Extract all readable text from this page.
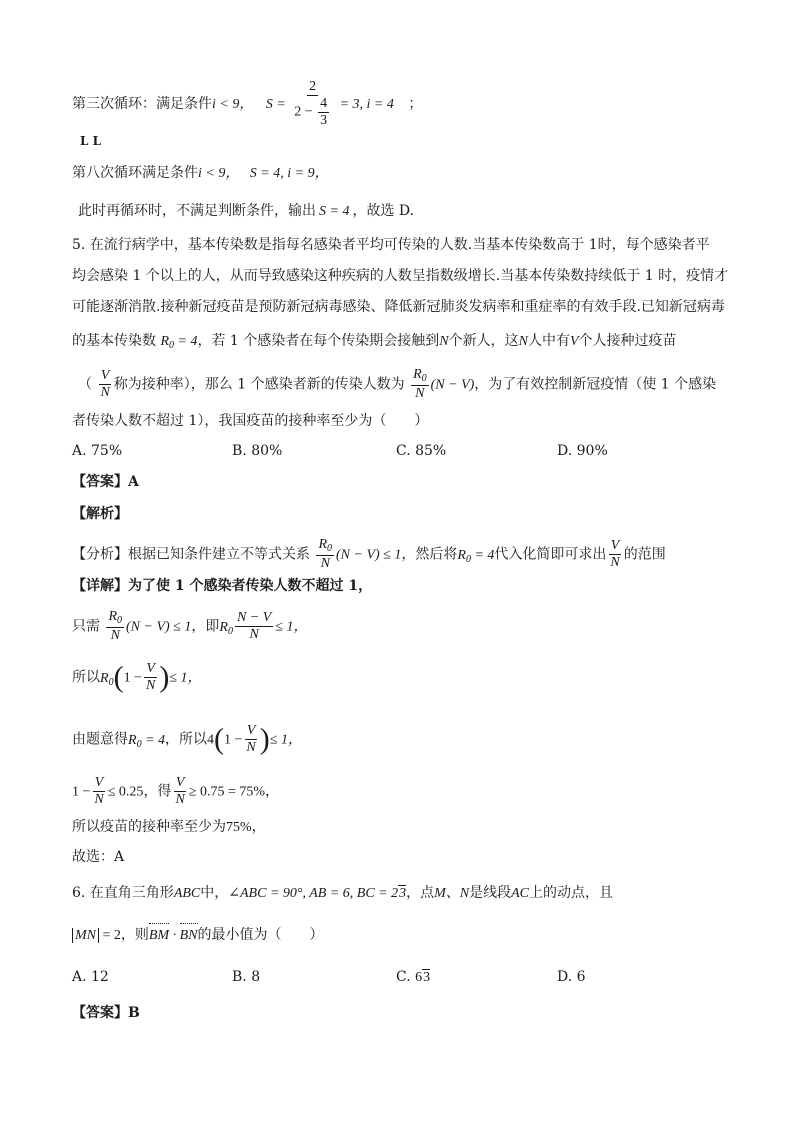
第三次循环：满足条件i < 9， $S = \frac{2}{2 - \frac{4}{3}} = 3$, i = 4 ；
L L
第八次循环满足条件i < 9， S = 4, i = 9，
此时再循环时，不满足判断条件，输出 S = 4 ，故选 D.
5. 在流行病学中，基本传染数是指每名感染者平均可传染的人数.当基本传染数高于 1时，每个感染者平
均会感染 1 个以上的人，从而导致感染这种疾病的人数呈指数级增长.当基本传染数持续低于 1 时，疫情才
可能逐渐消散.接种新冠疫苗是预防新冠病毒感染、降低新冠肺炎发病率和重症率的有效手段.已知新冠病毒
的基本传染数 $R_0 = 4$，若 1 个感染者在每个传染期会接触到N个新人，这N人中有V个人接种过疫苗
（ $\frac{V}{N}$ 称为接种率），那么 1 个感染者新的传染人数为 $\frac{R_0}{N} (N - V)$，为了有效控制新冠疫情（使 1 个感染
者传染人数不超过 1），我国疫苗的接种率至少为（　　）
A. 75%	B. 80%	C. 85%	D. 90%
【答案】A
【解析】
【分析】根据已知条件建立不等式关系 $\frac{R_0}{N} (N - V) \le 1$，然后将$R_0 = 4$代入化简即可求出 $\frac{V}{N}$ 的范围
【详解】为了使 1 个感染者传染人数不超过 1，
只需 $\frac{R_0}{N} (N - V) \le 1$，即$R_0 \frac{N - V}{N} \le 1$，
所以$R_0(1 - \frac{V}{N}$ )≤ 1，
由题意得$R_0 = 4$，所以$4(1 - \frac{V}{N}$ )≤ 1，
$1 - \frac{V}{N} \le 0.25$，得 $\frac{V}{N} \ge 0.75 = 75\%$，
所以疫苗的接种率至少为75%，
故选：A
6. 在直角三角形ABC中，∠ABC = 90°, AB = 6, BC = 23，点M、N是线段AC上的动点，且
MN = 2，则BM · BN的最小值为（　　）
A. 12	B. 8	C. 63	D. 6
【答案】B
